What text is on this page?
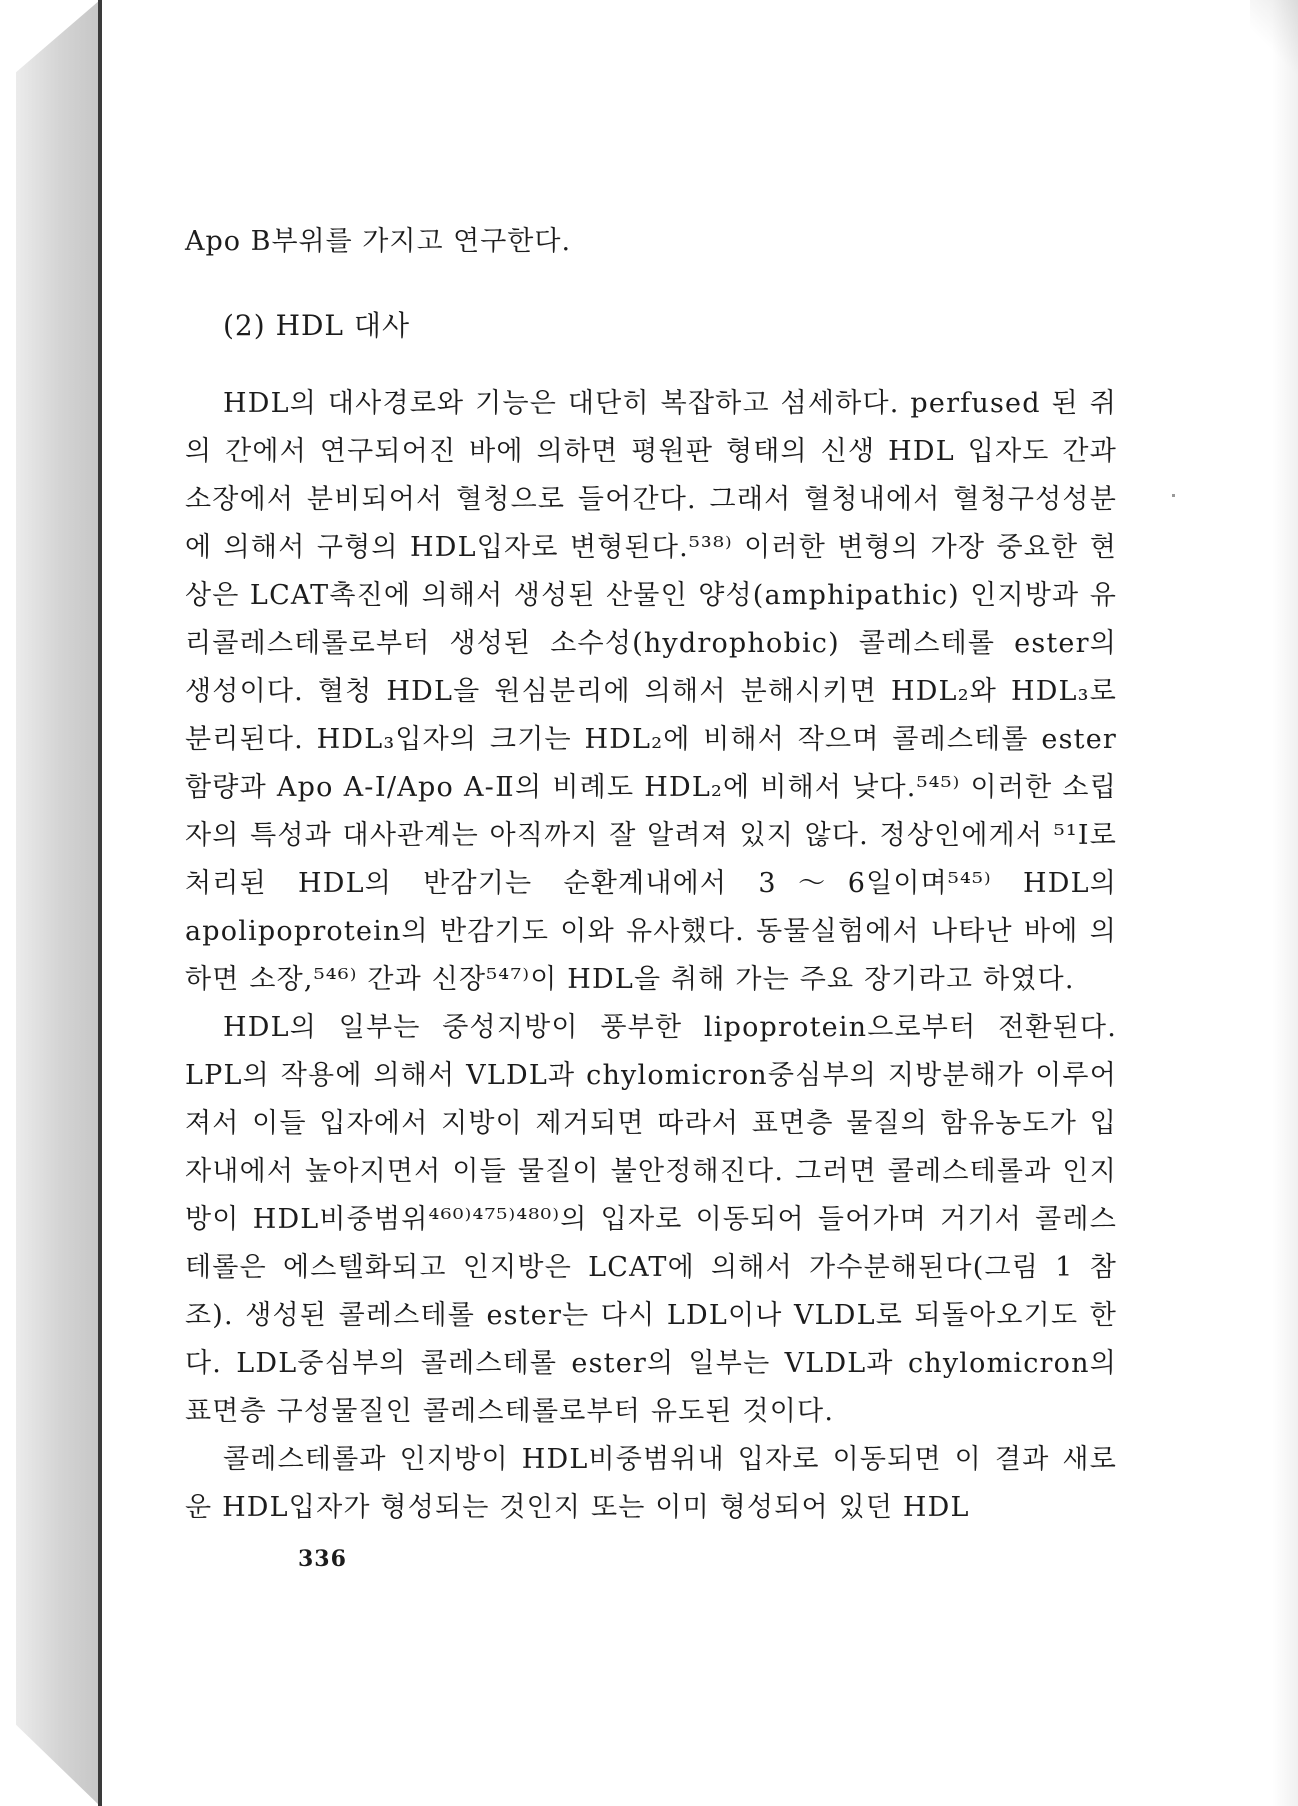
Apo B부위를 가지고 연구한다.

(2) HDL 대사

HDL의 대사경로와 기능은 대단히 복잡하고 섬세하다. perfused 된 쥐의 간에서 연구되어진 바에 의하면 평원판 형태의 신생 HDL 입자도 간과 소장에서 분비되어서 혈청으로 들어간다. 그래서 혈청내에서 혈청구성성분에 의해서 구형의 HDL입자로 변형된다.⁵³⁸⁾ 이러한 변형의 가장 중요한 현상은 LCAT촉진에 의해서 생성된 산물인 양성(amphipathic) 인지방과 유리콜레스테롤로부터 생성된 소수성(hydrophobic) 콜레스테롤 ester의 생성이다. 혈청 HDL을 원심분리에 의해서 분해시키면 HDL₂와 HDL₃로 분리된다. HDL₃입자의 크기는 HDL₂에 비해서 작으며 콜레스테롤 ester함량과 Apo A-Ⅰ/Apo A-Ⅱ의 비례도 HDL₂에 비해서 낮다.⁵⁴⁵⁾ 이러한 소립자의 특성과 대사관계는 아직까지 잘 알려져 있지 않다. 정상인에게서 ⁵¹I로 처리된 HDL의 반감기는 순환계내에서 3～6일이며⁵⁴⁵⁾ HDL의 apolipoprotein의 반감기도 이와 유사했다. 동물실험에서 나타난 바에 의하면 소장,⁵⁴⁶⁾ 간과 신장⁵⁴⁷⁾이 HDL을 취해 가는 주요 장기라고 하였다.

HDL의 일부는 중성지방이 풍부한 lipoprotein으로부터 전환된다. LPL의 작용에 의해서 VLDL과 chylomicron중심부의 지방분해가 이루어져서 이들 입자에서 지방이 제거되면 따라서 표면층 물질의 함유농도가 입자내에서 높아지면서 이들 물질이 불안정해진다. 그러면 콜레스테롤과 인지방이 HDL비중범위⁴⁶⁰⁾⁴⁷⁵⁾⁴⁸⁰⁾의 입자로 이동되어 들어가며 거기서 콜레스테롤은 에스텔화되고 인지방은 LCAT에 의해서 가수분해된다(그림 1 참조). 생성된 콜레스테롤 ester는 다시 LDL이나 VLDL로 되돌아오기도 한다. LDL중심부의 콜레스테롤 ester의 일부는 VLDL과 chylomicron의 표면층 구성물질인 콜레스테롤로부터 유도된 것이다.

콜레스테롤과 인지방이 HDL비중범위내 입자로 이동되면 이 결과 새로운 HDL입자가 형성되는 것인지 또는 이미 형성되어 있던 HDL

336
